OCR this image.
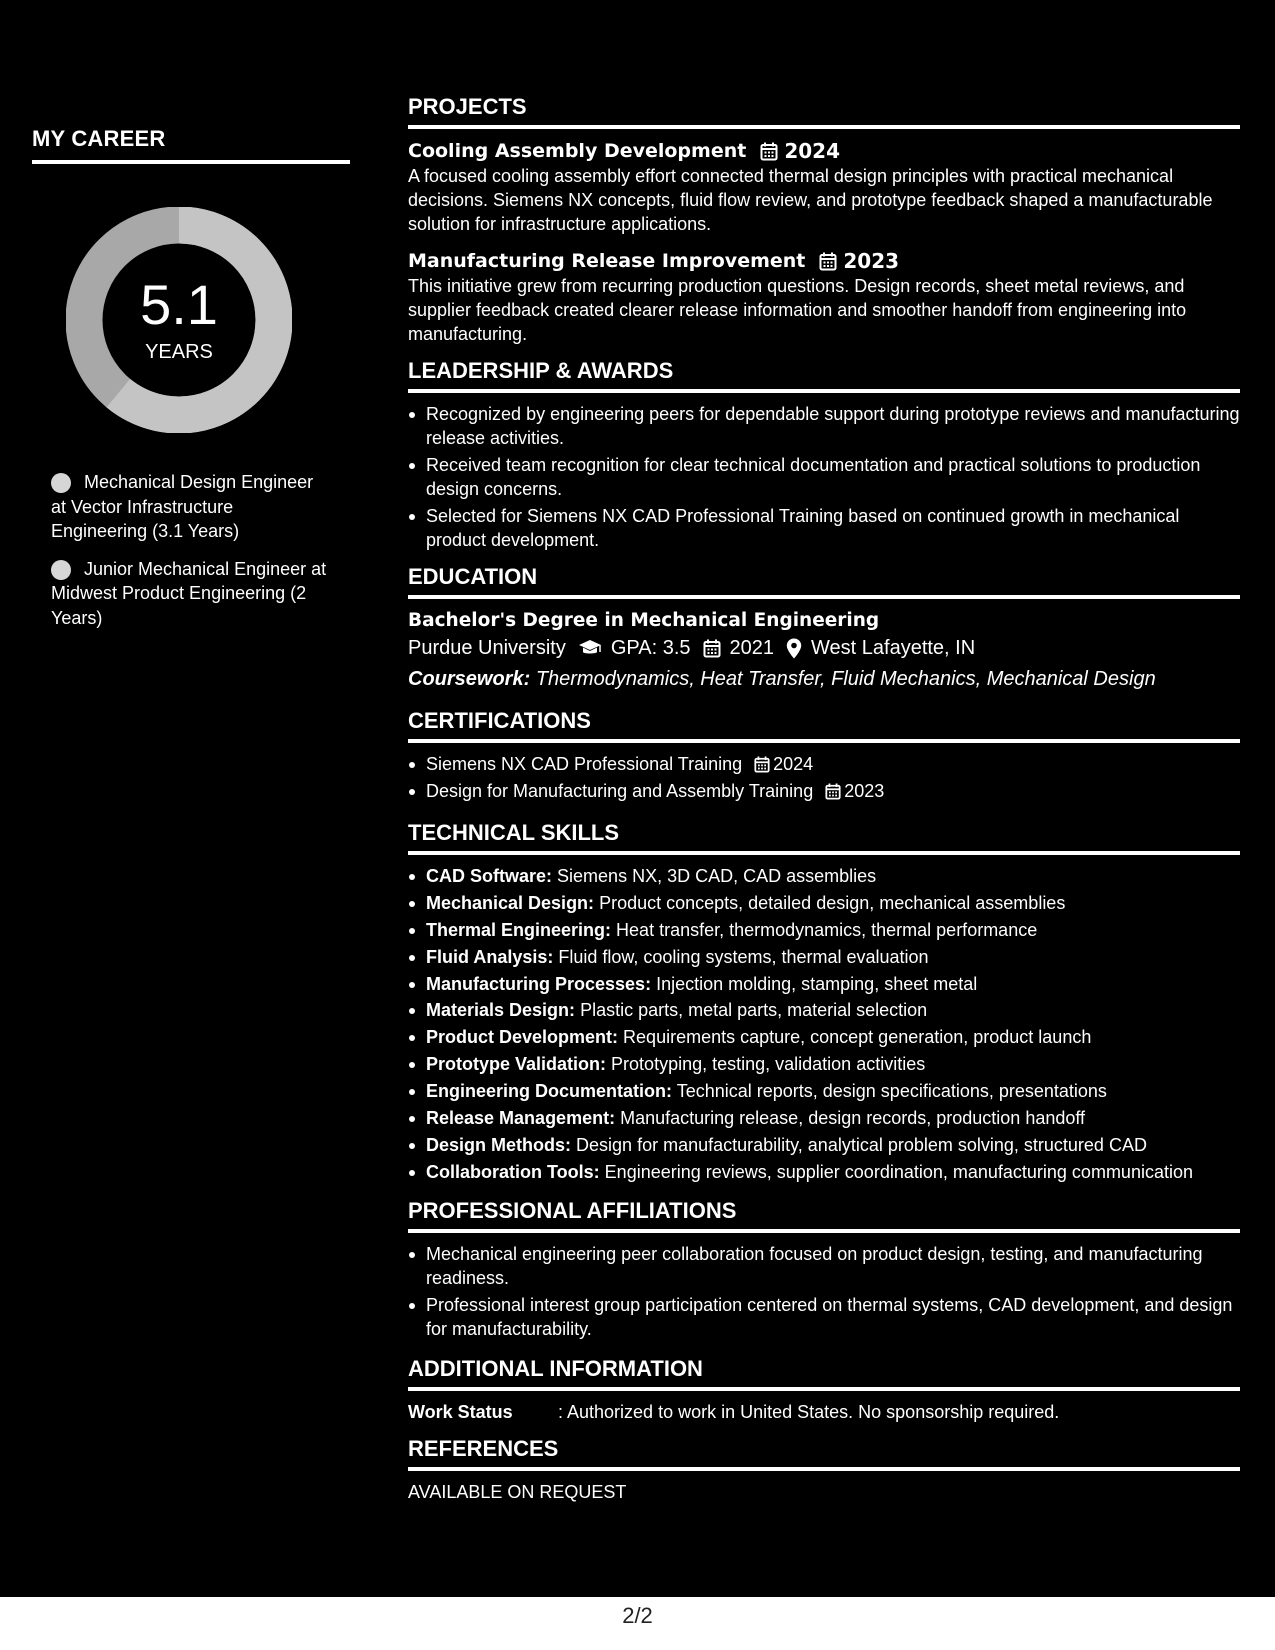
MY CAREER
5.1
YEARS
Mechanical Design Engineer at Vector Infrastructure Engineering (3.1 Years)
Junior Mechanical Engineer at Midwest Product Engineering (2 Years)
PROJECTS
Cooling Assembly Development 2024
A focused cooling assembly effort connected thermal design principles with practical mechanical decisions. Siemens NX concepts, fluid flow review, and prototype feedback shaped a manufacturable solution for infrastructure applications.
Manufacturing Release Improvement 2023
This initiative grew from recurring production questions. Design records, sheet metal reviews, and supplier feedback created clearer release information and smoother handoff from engineering into manufacturing.
LEADERSHIP & AWARDS
Recognized by engineering peers for dependable support during prototype reviews and manufacturing release activities.
Received team recognition for clear technical documentation and practical solutions to production design concerns.
Selected for Siemens NX CAD Professional Training based on continued growth in mechanical product development.
EDUCATION
Bachelor's Degree in Mechanical Engineering
Purdue University GPA: 3.5 2021 West Lafayette, IN
Coursework: Thermodynamics, Heat Transfer, Fluid Mechanics, Mechanical Design
CERTIFICATIONS
Siemens NX CAD Professional Training 2024
Design for Manufacturing and Assembly Training 2023
TECHNICAL SKILLS
CAD Software: Siemens NX, 3D CAD, CAD assemblies
Mechanical Design: Product concepts, detailed design, mechanical assemblies
Thermal Engineering: Heat transfer, thermodynamics, thermal performance
Fluid Analysis: Fluid flow, cooling systems, thermal evaluation
Manufacturing Processes: Injection molding, stamping, sheet metal
Materials Design: Plastic parts, metal parts, material selection
Product Development: Requirements capture, concept generation, product launch
Prototype Validation: Prototyping, testing, validation activities
Engineering Documentation: Technical reports, design specifications, presentations
Release Management: Manufacturing release, design records, production handoff
Design Methods: Design for manufacturability, analytical problem solving, structured CAD
Collaboration Tools: Engineering reviews, supplier coordination, manufacturing communication
PROFESSIONAL AFFILIATIONS
Mechanical engineering peer collaboration focused on product design, testing, and manufacturing readiness.
Professional interest group participation centered on thermal systems, CAD development, and design for manufacturability.
ADDITIONAL INFORMATION
Work Status	: Authorized to work in United States. No sponsorship required.
REFERENCES
AVAILABLE ON REQUEST
2/2
